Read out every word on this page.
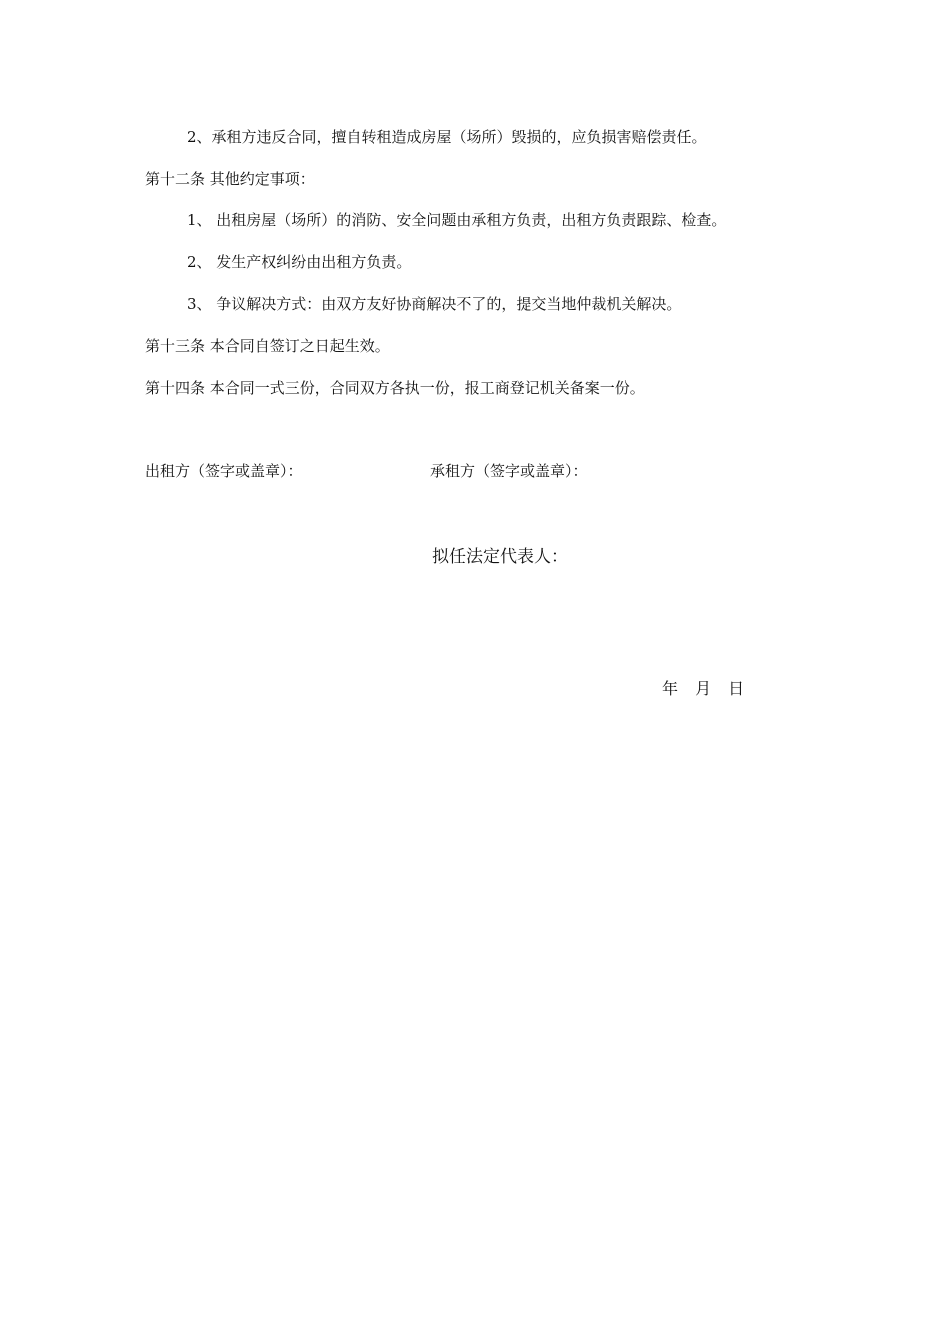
2、承租方违反合同，擅自转租造成房屋（场所）毁损的，应负损害赔偿责任。
第十二条 其他约定事项：
1、 出租房屋（场所）的消防、安全问题由承租方负责，出租方负责跟踪、检查。
2、 发生产权纠纷由出租方负责。
3、 争议解决方式：由双方友好协商解决不了的，提交当地仲裁机关解决。
第十三条 本合同自签订之日起生效。
第十四条 本合同一式三份，合同双方各执一份，报工商登记机关备案一份。
出租方（签字或盖章）：	承租方（签字或盖章）：
拟任法定代表人：
年 月 日
